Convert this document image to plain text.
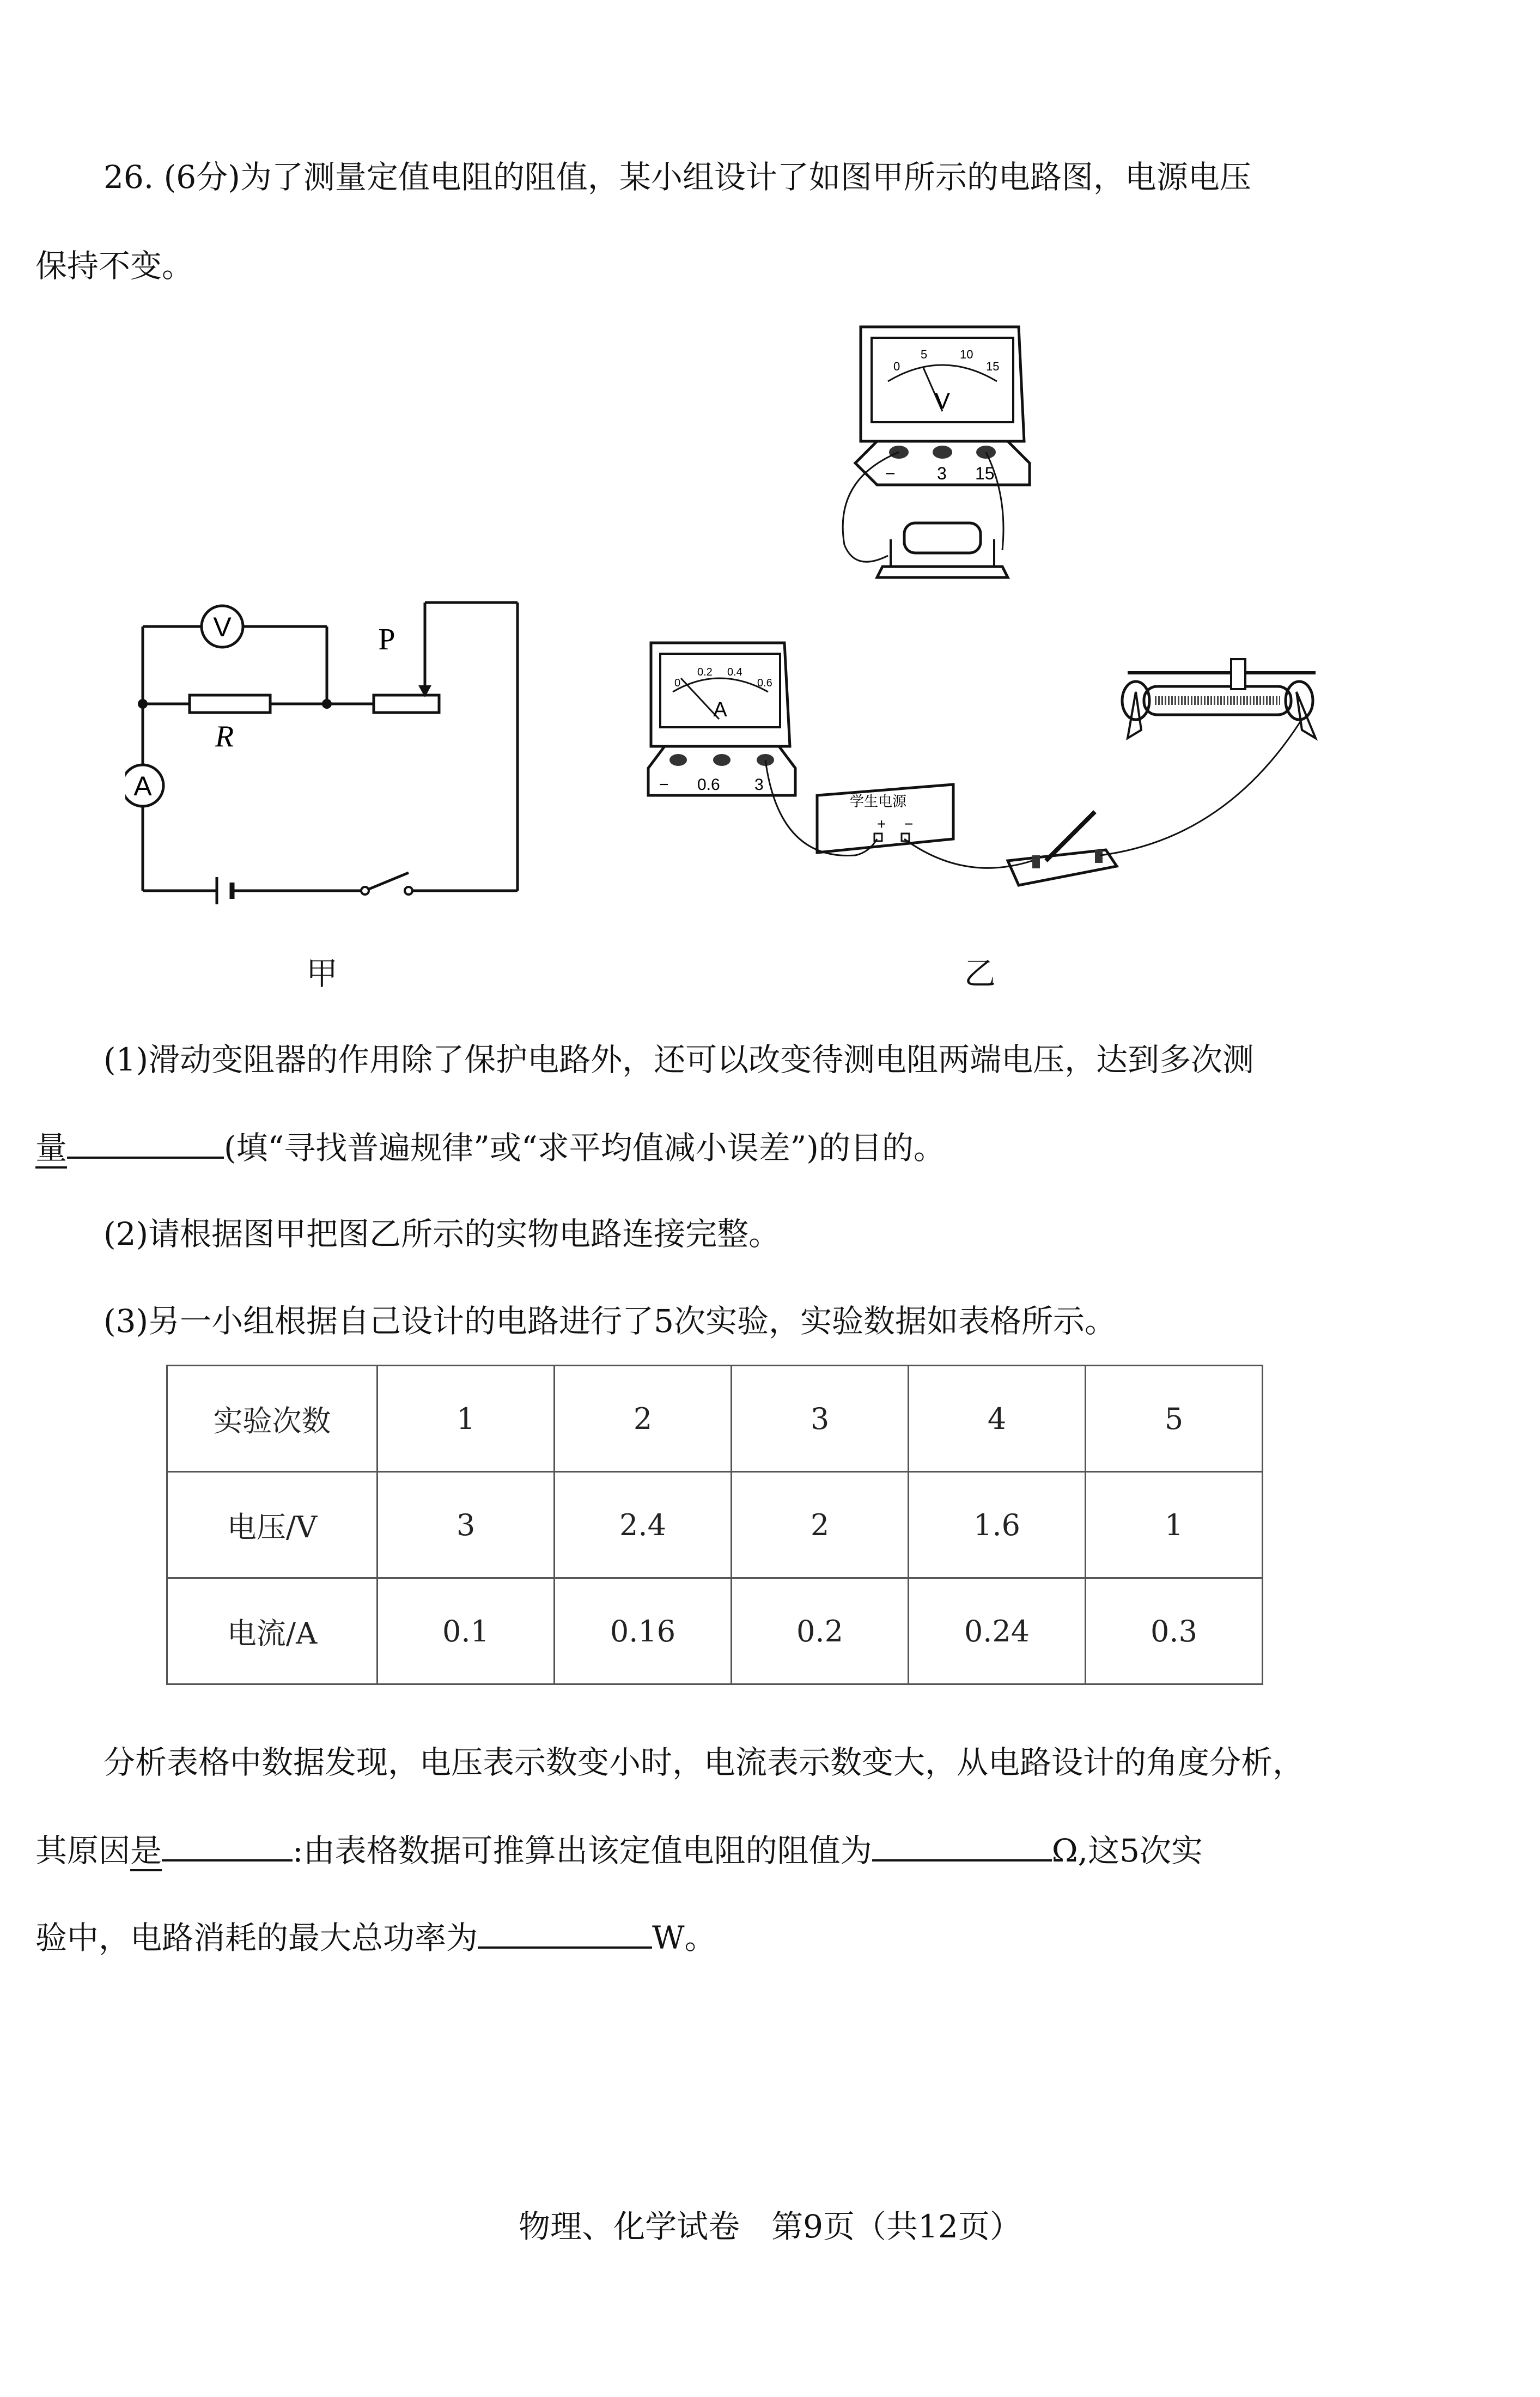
26. (6分)为了测量定值电阻的阻值，某小组设计了如图甲所示的电路图，电源电压
保持不变。
V
A
R
P
甲
0
5	10
15
V
− 3 15
0
0.2 0.4
0.6
A
− 0.6 3
学生电源
+ −
乙
(1)滑动变阻器的作用除了保护电路外，还可以改变待测电阻两端电压，达到多次测
量	(填“寻找普遍规律”或“求平均值减小误差”)的目的。
(2)请根据图甲把图乙所示的实物电路连接完整。
(3)另一小组根据自己设计的电路进行了5次实验，实验数据如表格所示。
实验次数	1	2	3	4	5
电压/V	3	2.4	2	1.6	1
电流/A	0.1	0.16	0.2	0.24	0.3
分析表格中数据发现，电压表示数变小时，电流表示数变大，从电路设计的角度分析，
其原因是	:由表格数据可推算出该定值电阻的阻值为	Ω,这5次实
验中，电路消耗的最大总功率为	W。
物理、化学试卷　第9页（共12页）
